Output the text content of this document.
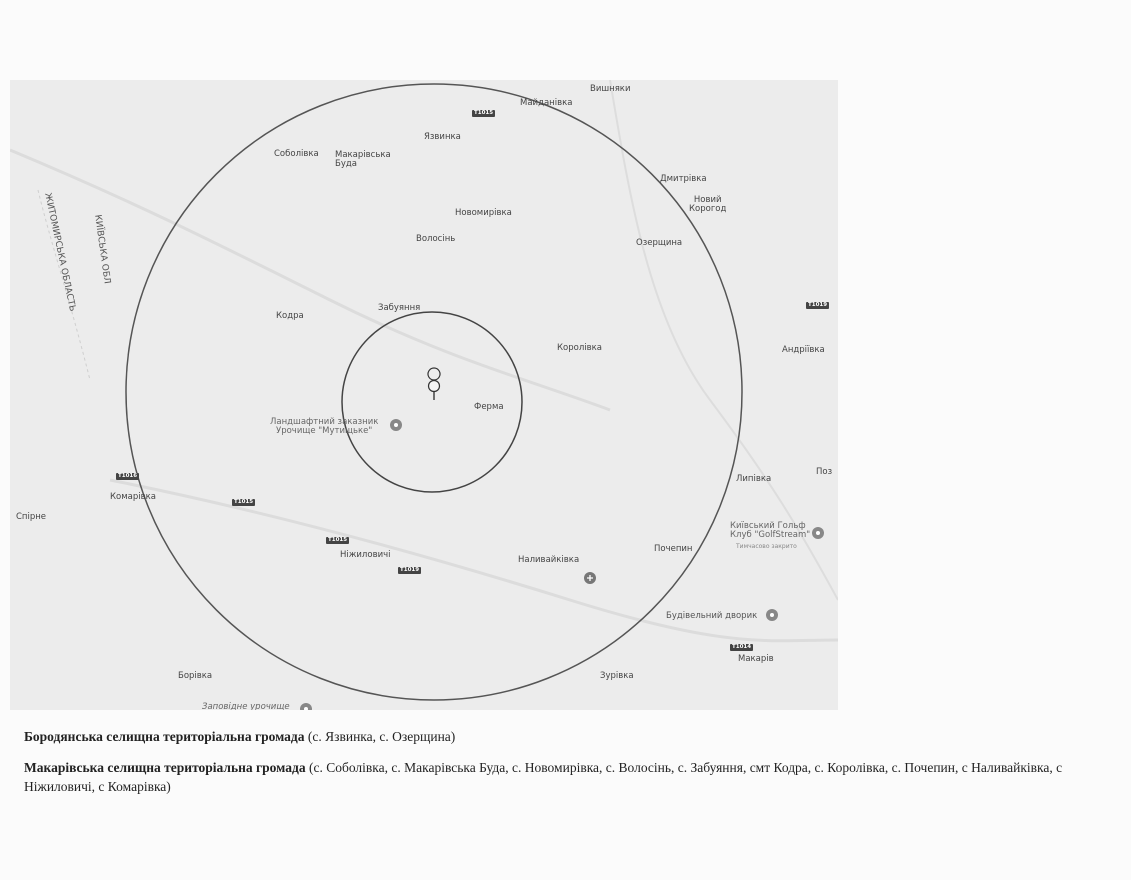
ЖИТОМИРСЬКА ОБЛАСТЬ КИЇВСЬКА ОБЛ
Вишняки
Майданівка
Язвинка
Соболівка Макарівська
Буда
Дмитрівка
Новий
Корогод
Новомирівка
Волосінь	Озерщина
Забуяння
Кодра
Королівка	Андріївка
Ферма
Ландшафтний заказник
Урочище "Мутищьке"
Комарівка
Спірне
Липівка
Поз
Київський Гольф
Клуб "GolfStream"
Тимчасово закрито
Ніжиловичі	Наливайківка
Почепин
Будівельний дворик
Макарів
Борівка	Зурівка
Заповідне урочище
T1015
T1019
T1016
T1015
T1015
T1019
T1014
Бородянська селищна територіальна громада (с. Язвинка, с. Озерщина)
Макарівська селищна територіальна громада (с. Соболівка, с. Макарівська Буда, с. Новомирівка, с. Волосінь, с. Забуяння, смт Кодра, с. Королівка, с. Почепин, с Наливайківка, с Ніжиловичі, с Комарівка)
